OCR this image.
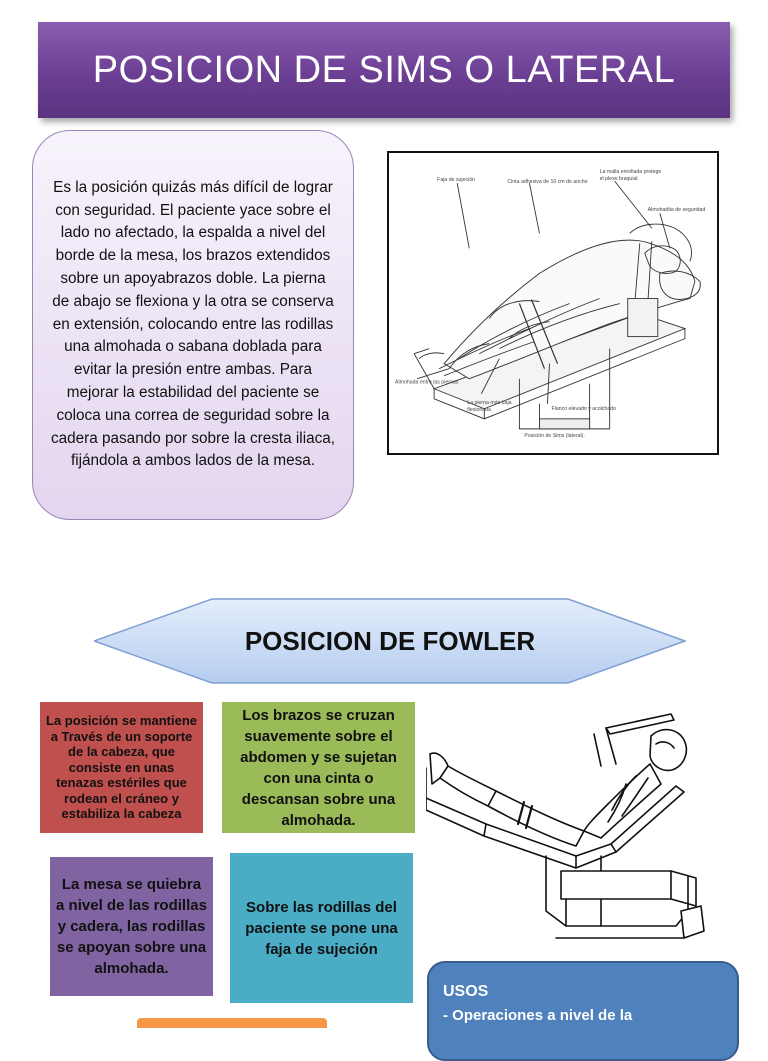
POSICION DE SIMS O LATERAL

Es la posición quizás más difícil de lograr con seguridad. El paciente yace sobre el lado no afectado, la espalda a nivel del borde de la mesa, los brazos extendidos sobre un apoyabrazos doble. La pierna de abajo se flexiona y la otra se conserva en extensión, colocando entre las rodillas una almohada o sabana doblada para evitar la presión entre ambas. Para mejorar la estabilidad del paciente se coloca una correa de seguridad sobre la cadera pasando por sobre la cresta iliaca, fijándola a ambos lados de la mesa.

Faja de sujeción	Cinta adhesiva de 10 cm de ancho
La malla enrollada protege
el plexo braquial
Almohadita de seguridad
Almohada entre las piernas
La pierna más baja
flexionada	Flanco elevado y acolchado
Posición de Sims (lateral).
POSICION DE FOWLER
La posición se mantiene a Través de un soporte de la cabeza, que consiste en unas tenazas estériles que rodean el cráneo y estabiliza la cabeza
Los brazos se cruzan suavemente sobre el abdomen y se sujetan con una cinta o descansan sobre una almohada.
La mesa se quiebra a nivel de las rodillas y cadera, las rodillas se apoyan sobre una almohada.
Sobre las rodillas del paciente se pone una faja de sujeción
USOS
- Operaciones a nivel de la
